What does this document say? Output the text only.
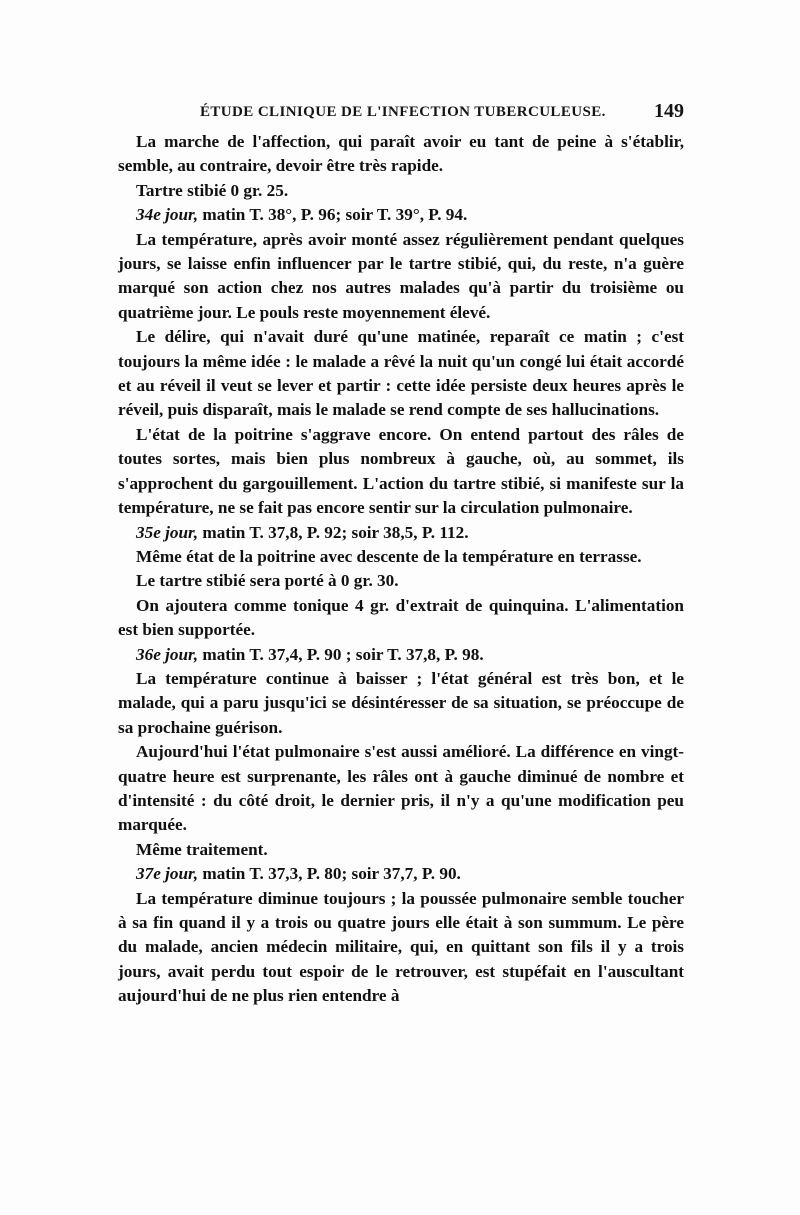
ÉTUDE CLINIQUE DE L'INFECTION TUBERCULEUSE. 149

La marche de l'affection, qui paraît avoir eu tant de peine à s'établir, semble, au contraire, devoir être très rapide.

Tartre stibié 0 gr. 25.

34e jour, matin T. 38°, P. 96; soir T. 39°, P. 94.

La température, après avoir monté assez régulièrement pendant quelques jours, se laisse enfin influencer par le tartre stibié, qui, du reste, n'a guère marqué son action chez nos autres malades qu'à partir du troisième ou quatrième jour. Le pouls reste moyennement élevé.

Le délire, qui n'avait duré qu'une matinée, reparaît ce matin ; c'est toujours la même idée : le malade a rêvé la nuit qu'un congé lui était accordé et au réveil il veut se lever et partir : cette idée persiste deux heures après le réveil, puis disparaît, mais le malade se rend compte de ses hallucinations.

L'état de la poitrine s'aggrave encore. On entend partout des râles de toutes sortes, mais bien plus nombreux à gauche, où, au sommet, ils s'approchent du gargouillement. L'action du tartre stibié, si manifeste sur la température, ne se fait pas encore sentir sur la circulation pulmonaire.

35e jour, matin T. 37,8, P. 92; soir 38,5, P. 112.

Même état de la poitrine avec descente de la température en terrasse.

Le tartre stibié sera porté à 0 gr. 30.

On ajoutera comme tonique 4 gr. d'extrait de quinquina. L'alimentation est bien supportée.

36e jour, matin T. 37,4, P. 90 ; soir T. 37,8, P. 98.

La température continue à baisser ; l'état général est très bon, et le malade, qui a paru jusqu'ici se désintéresser de sa situation, se préoccupe de sa prochaine guérison.

Aujourd'hui l'état pulmonaire s'est aussi amélioré. La différence en vingt-quatre heure est surprenante, les râles ont à gauche diminué de nombre et d'intensité : du côté droit, le dernier pris, il n'y a qu'une modification peu marquée.

Même traitement.

37e jour, matin T. 37,3, P. 80; soir 37,7, P. 90.

La température diminue toujours ; la poussée pulmonaire semble toucher à sa fin quand il y a trois ou quatre jours elle était à son summum. Le père du malade, ancien médecin militaire, qui, en quittant son fils il y a trois jours, avait perdu tout espoir de le retrouver, est stupéfait en l'auscultant aujourd'hui de ne plus rien entendre à
